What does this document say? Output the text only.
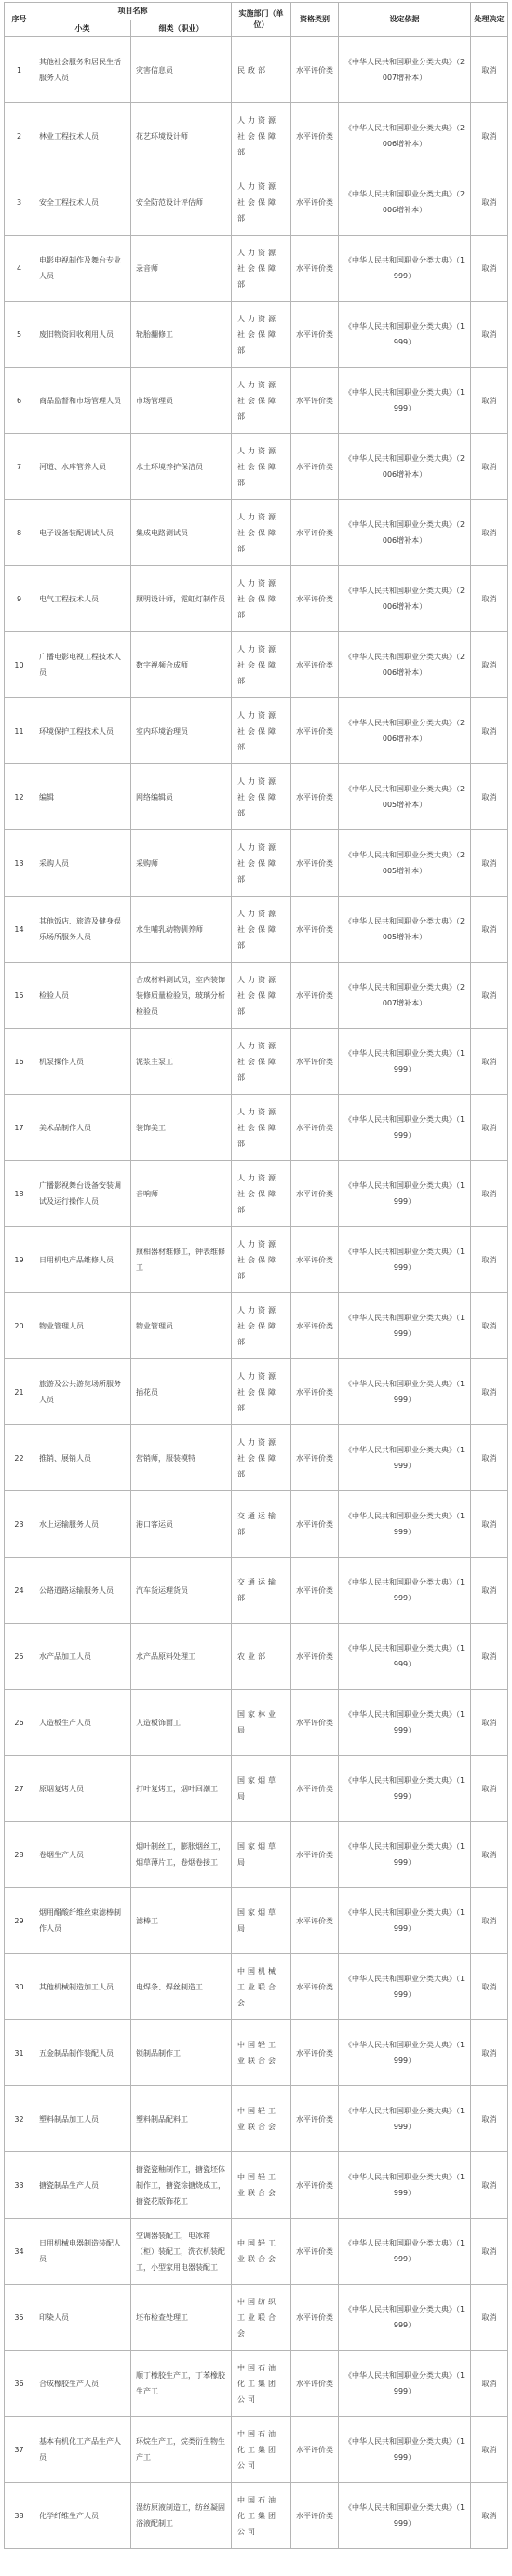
序号	项目名称		实施部门（单位）	资格类别	设定依据	处理决定
	小类	细类（职业）				
1	其他社会服务和居民生活服务人员	灾害信息员	民政部	水平评价类	《中华人民共和国职业分类大典》（2007增补本）	取消
2	林业工程技术人员	花艺环境设计师	人力资源社会保障部	水平评价类	《中华人民共和国职业分类大典》（2006增补本）	取消
3	安全工程技术人员	安全防范设计评估师	人力资源社会保障部	水平评价类	《中华人民共和国职业分类大典》（2006增补本）	取消
4	电影电视制作及舞台专业人员	录音师	人力资源社会保障部	水平评价类	《中华人民共和国职业分类大典》（1999）	取消
5	废旧物资回收利用人员	轮胎翻修工	人力资源社会保障部	水平评价类	《中华人民共和国职业分类大典》（1999）	取消
6	商品监督和市场管理人员	市场管理员	人力资源社会保障部	水平评价类	《中华人民共和国职业分类大典》（1999）	取消
7	河道、水库管养人员	水土环境养护保洁员	人力资源社会保障部	水平评价类	《中华人民共和国职业分类大典》（2006增补本）	取消
8	电子设备装配调试人员	集成电路测试员	人力资源社会保障部	水平评价类	《中华人民共和国职业分类大典》（2006增补本）	取消
9	电气工程技术人员	照明设计师，霓虹灯制作员	人力资源社会保障部	水平评价类	《中华人民共和国职业分类大典》（2006增补本）	取消
10	广播电影电视工程技术人员	数字视频合成师	人力资源社会保障部	水平评价类	《中华人民共和国职业分类大典》（2006增补本）	取消
11	环境保护工程技术人员	室内环境治理员	人力资源社会保障部	水平评价类	《中华人民共和国职业分类大典》（2006增补本）	取消
12	编辑	网络编辑员	人力资源社会保障部	水平评价类	《中华人民共和国职业分类大典》（2005增补本）	取消
13	采购人员	采购师	人力资源社会保障部	水平评价类	《中华人民共和国职业分类大典》（2005增补本）	取消
14	其他饭店、旅游及健身娱乐场所服务人员	水生哺乳动物驯养师	人力资源社会保障部	水平评价类	《中华人民共和国职业分类大典》（2005增补本）	取消
15	检验人员	合成材料测试员，室内装饰装修质量检验员，玻璃分析检验员	人力资源社会保障部	水平评价类	《中华人民共和国职业分类大典》（2007增补本）	取消
16	机泵操作人员	泥浆主泵工	人力资源社会保障部	水平评价类	《中华人民共和国职业分类大典》（1999）	取消
17	美术品制作人员	装饰美工	人力资源社会保障部	水平评价类	《中华人民共和国职业分类大典》（1999）	取消
18	广播影视舞台设备安装调试及运行操作人员	音响师	人力资源社会保障部	水平评价类	《中华人民共和国职业分类大典》（1999）	取消
19	日用机电产品维修人员	照相器材维修工，钟表维修工	人力资源社会保障部	水平评价类	《中华人民共和国职业分类大典》（1999）	取消
20	物业管理人员	物业管理员	人力资源社会保障部	水平评价类	《中华人民共和国职业分类大典》（1999）	取消
21	旅游及公共游览场所服务人员	插花员	人力资源社会保障部	水平评价类	《中华人民共和国职业分类大典》（1999）	取消
22	推销、展销人员	营销师，服装模特	人力资源社会保障部	水平评价类	《中华人民共和国职业分类大典》（1999）	取消
23	水上运输服务人员	港口客运员	交通运输部	水平评价类	《中华人民共和国职业分类大典》（1999）	取消
24	公路道路运输服务人员	汽车货运理货员	交通运输部	水平评价类	《中华人民共和国职业分类大典》（1999）	取消
25	水产品加工人员	水产品原料处理工	农业部	水平评价类	《中华人民共和国职业分类大典》（1999）	取消
26	人造板生产人员	人造板饰面工	国家林业局	水平评价类	《中华人民共和国职业分类大典》（1999）	取消
27	原烟复烤人员	打叶复烤工，烟叶回潮工	国家烟草局	水平评价类	《中华人民共和国职业分类大典》（1999）	取消
28	卷烟生产人员	烟叶制丝工，膨胀烟丝工，烟草薄片工，卷烟卷接工	国家烟草局	水平评价类	《中华人民共和国职业分类大典》（1999）	取消
29	烟用醋酸纤维丝束滤棒制作人员	滤棒工	国家烟草局	水平评价类	《中华人民共和国职业分类大典》（1999）	取消
30	其他机械制造加工人员	电焊条、焊丝制造工	中国机械工业联合会	水平评价类	《中华人民共和国职业分类大典》（1999）	取消
31	五金制品制作装配人员	锁制品制作工	中国轻工业联合会	水平评价类	《中华人民共和国职业分类大典》（1999）	取消
32	塑料制品加工人员	塑料制品配料工	中国轻工业联合会	水平评价类	《中华人民共和国职业分类大典》（1999）	取消
33	搪瓷制品生产人员	搪瓷瓷釉制作工，搪瓷坯体制作工，搪瓷涂搪烧成工，搪瓷花版饰花工	中国轻工业联合会	水平评价类	《中华人民共和国职业分类大典》（1999）	取消
34	日用机械电器制造装配人员	空调器装配工，电冰箱（柜）装配工，洗衣机装配工，小型家用电器装配工	中国轻工业联合会	水平评价类	《中华人民共和国职业分类大典》（1999）	取消
35	印染人员	坯布检查处理工	中国纺织工业联合会	水平评价类	《中华人民共和国职业分类大典》（1999）	取消
36	合成橡胶生产人员	顺丁橡胶生产工，丁苯橡胶生产工	中国石油化工集团公司	水平评价类	《中华人民共和国职业分类大典》（1999）	取消
37	基本有机化工产品生产人员	环烷生产工，烷类衍生物生产工	中国石油化工集团公司	水平评价类	《中华人民共和国职业分类大典》（1999）	取消
38	化学纤维生产人员	湿纺原液制造工，纺丝凝固浴液配制工	中国石油化工集团公司	水平评价类	《中华人民共和国职业分类大典》（1999）	取消
